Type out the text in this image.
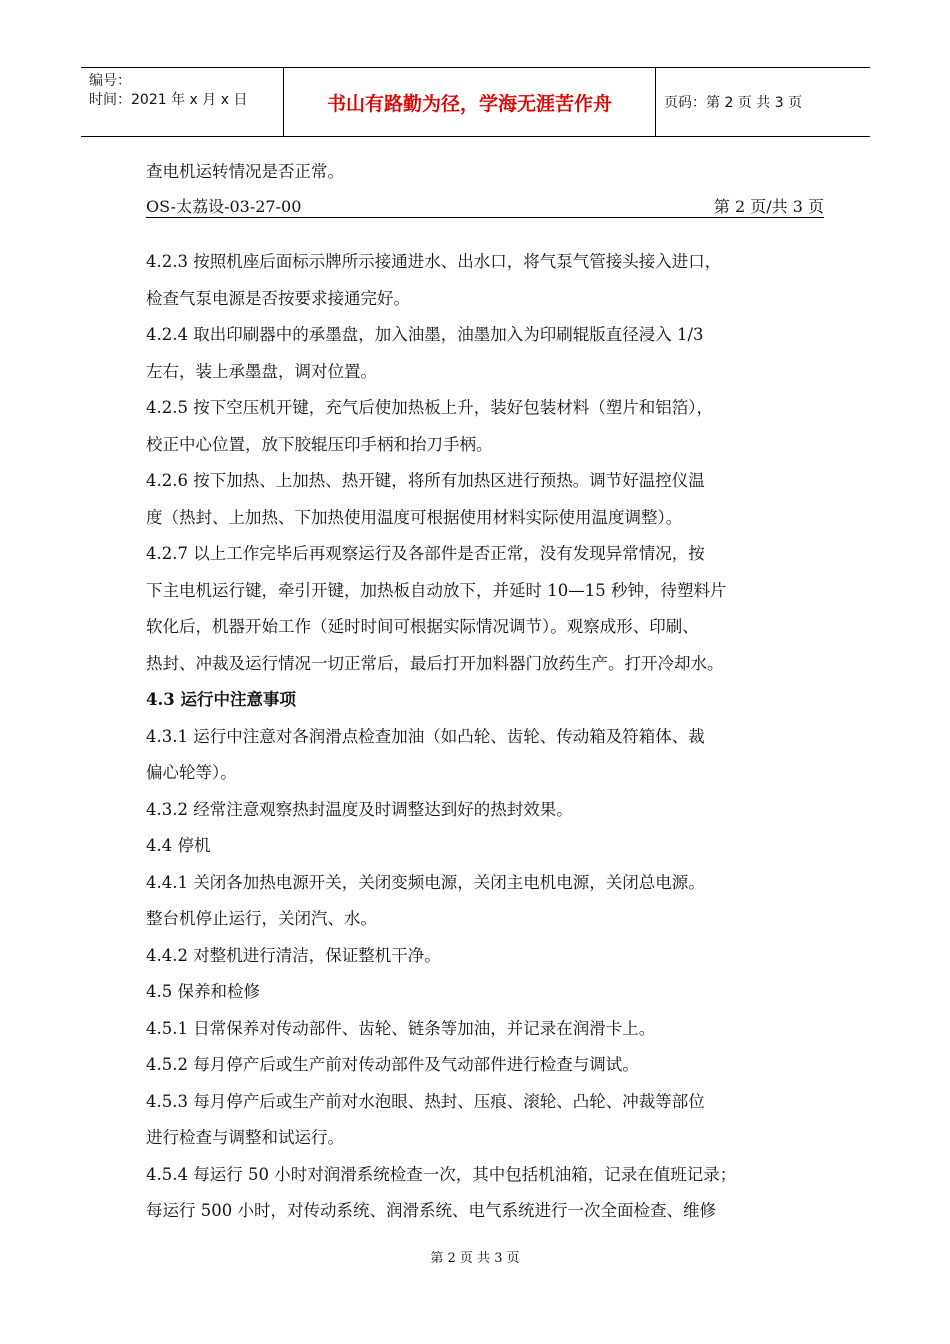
编号：
时间：2021 年 x 月 x 日	书山有路勤为径，学海无涯苦作舟	页码：第 2 页 共 3 页
OS-太荔设-03-27-00	第 2 页/共 3 页
查电机运转情况是否正常。
4.2.3 按照机座后面标示牌所示接通进水、出水口，将气泵气管接头接入进口，
检查气泵电源是否按要求接通完好。
4.2.4 取出印刷器中的承墨盘，加入油墨，油墨加入为印刷辊版直径浸入 1/3
左右，装上承墨盘，调对位置。
4.2.5 按下空压机开键，充气后使加热板上升，装好包装材料（塑片和铝箔），
校正中心位置，放下胶辊压印手柄和抬刀手柄。
4.2.6 按下加热、上加热、热开键，将所有加热区进行预热。调节好温控仪温
度（热封、上加热、下加热使用温度可根据使用材料实际使用温度调整）。
4.2.7 以上工作完毕后再观察运行及各部件是否正常，没有发现异常情况，按
下主电机运行键，牵引开键，加热板自动放下，并延时 10—15 秒钟，待塑料片
软化后，机器开始工作（延时时间可根据实际情况调节）。观察成形、印刷、
热封、冲裁及运行情况一切正常后，最后打开加料器门放药生产。打开冷却水。
4.3 运行中注意事项
4.3.1 运行中注意对各润滑点检查加油（如凸轮、齿轮、传动箱及符箱体、裁
偏心轮等）。
4.3.2 经常注意观察热封温度及时调整达到好的热封效果。
4.4 停机
4.4.1 关闭各加热电源开关，关闭变频电源，关闭主电机电源，关闭总电源。
整台机停止运行，关闭汽、水。
4.4.2 对整机进行清洁，保证整机干净。
4.5 保养和检修
4.5.1 日常保养对传动部件、齿轮、链条等加油，并记录在润滑卡上。
4.5.2 每月停产后或生产前对传动部件及气动部件进行检查与调试。
4.5.3 每月停产后或生产前对水泡眼、热封、压痕、滚轮、凸轮、冲裁等部位
进行检查与调整和试运行。
4.5.4 每运行 50 小时对润滑系统检查一次，其中包括机油箱，记录在值班记录；
每运行 500 小时，对传动系统、润滑系统、电气系统进行一次全面检查、维修
第 2 页 共 3 页
